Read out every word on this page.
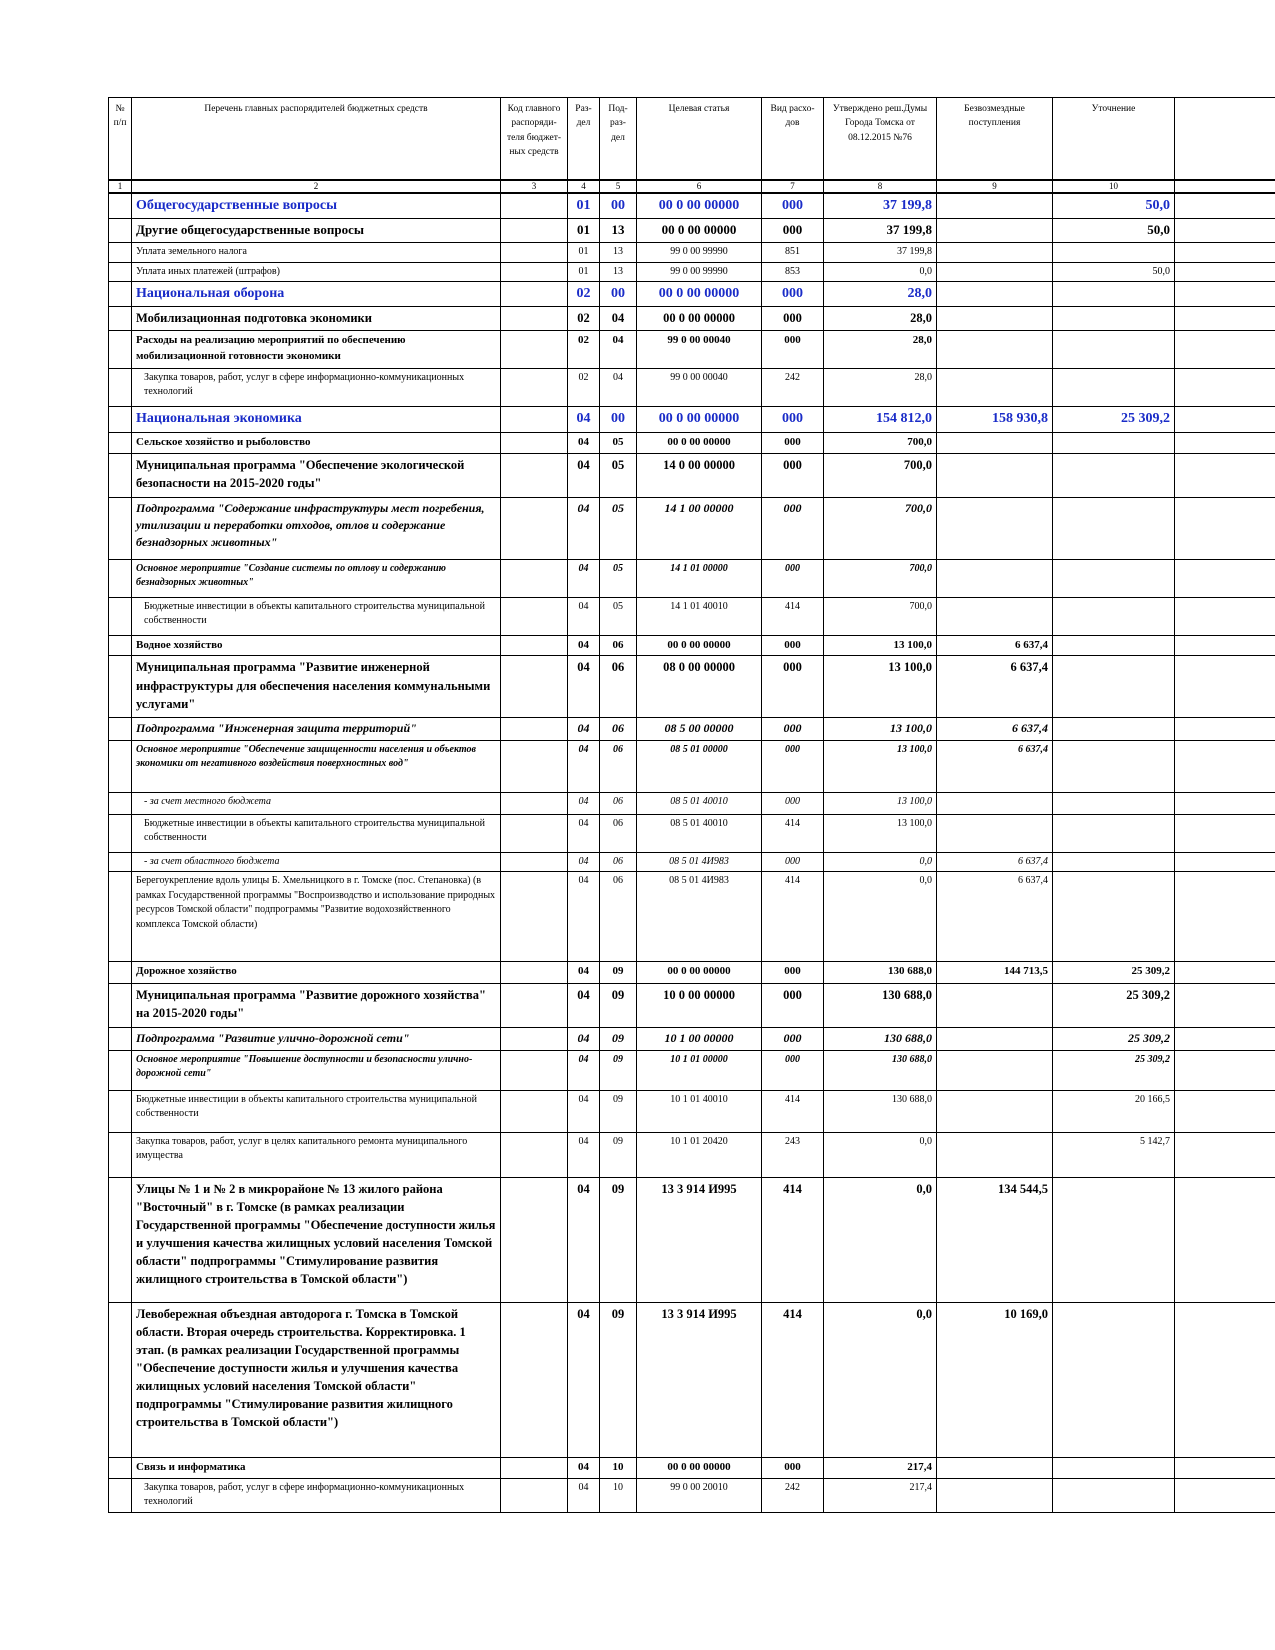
№ п/п	Перечень главных распорядителей бюджетных средств	Код главного распоряди-теля бюджет-ных средств	Раз-дел	Под-раз-дел	Целевая статья	Вид расхо-дов	Утверждено реш.Думы Города Томска от 08.12.2015 №76	Безвозмездные поступления	Уточнение	
1	2	3	4	5	6	7	8	9	10	
	Общегосударственные вопросы		01	00	00 0 00 00000	000	37 199,8		50,0	
	Другие общегосударственные вопросы		01	13	00 0 00 00000	000	37 199,8		50,0	
	Уплата земельного налога		01	13	99 0 00 99990	851	37 199,8			
	Уплата иных платежей (штрафов)		01	13	99 0 00 99990	853	0,0		50,0	
	Национальная оборона		02	00	00 0 00 00000	000	28,0			
	Мобилизационная подготовка экономики		02	04	00 0 00 00000	000	28,0			
	Расходы на реализацию мероприятий по обеспечению мобилизационной готовности экономики		02	04	99 0 00 00040	000	28,0			
	Закупка товаров, работ, услуг в сфере информационно-коммуникационных технологий		02	04	99 0 00 00040	242	28,0			
	Национальная экономика		04	00	00 0 00 00000	000	154 812,0	158 930,8	25 309,2	
	Сельское хозяйство и рыболовство		04	05	00 0 00 00000	000	700,0			
	Муниципальная программа "Обеспечение экологической безопасности на 2015-2020 годы"		04	05	14 0 00 00000	000	700,0			
	Подпрограмма "Содержание инфраструктуры мест погребения, утилизации и переработки отходов, отлов и содержание безнадзорных животных"		04	05	14 1 00 00000	000	700,0			
	Основное мероприятие "Создание системы по отлову и содержанию безнадзорных животных"		04	05	14 1 01 00000	000	700,0			
	Бюджетные инвестиции в объекты капитального строительства муниципальной собственности		04	05	14 1 01 40010	414	700,0			
	Водное хозяйство		04	06	00 0 00 00000	000	13 100,0	6 637,4		
	Муниципальная программа "Развитие инженерной инфраструктуры для обеспечения населения коммунальными услугами"		04	06	08 0 00 00000	000	13 100,0	6 637,4		
	Подпрограмма "Инженерная защита территорий"		04	06	08 5 00 00000	000	13 100,0	6 637,4		
	Основное мероприятие "Обеспечение защищенности населения и объектов экономики от негативного воздействия поверхностных вод"		04	06	08 5 01 00000	000	13 100,0	6 637,4		
	- за счет местного бюджета		04	06	08 5 01 40010	000	13 100,0			
	Бюджетные инвестиции в объекты капитального строительства муниципальной собственности		04	06	08 5 01 40010	414	13 100,0			
	- за счет областного бюджета		04	06	08 5 01 4И983	000	0,0	6 637,4		
	Берегоукрепление вдоль улицы Б. Хмельницкого в г. Томске (пос. Степановка) (в рамках Государственной программы "Воспроизводство и использование природных ресурсов Томской области" подпрограммы "Развитие водохозяйственного комплекса Томской области)		04	06	08 5 01 4И983	414	0,0	6 637,4		
	Дорожное хозяйство		04	09	00 0 00 00000	000	130 688,0	144 713,5	25 309,2	
	Муниципальная программа "Развитие дорожного хозяйства" на 2015-2020 годы"		04	09	10 0 00 00000	000	130 688,0		25 309,2	
	Подпрограмма "Развитие улично-дорожной сети"		04	09	10 1 00 00000	000	130 688,0		25 309,2	
	Основное мероприятие "Повышение доступности и безопасности улично-дорожной сети"		04	09	10 1 01 00000	000	130 688,0		25 309,2	
	Бюджетные инвестиции в объекты капитального строительства муниципальной собственности		04	09	10 1 01 40010	414	130 688,0		20 166,5	
	Закупка товаров, работ, услуг в целях капитального ремонта муниципального имущества		04	09	10 1 01 20420	243	0,0		5 142,7	
	Улицы № 1 и № 2 в микрорайоне № 13 жилого района "Восточный" в г. Томске (в рамках реализации Государственной программы "Обеспечение доступности жилья и улучшения качества жилищных условий населения Томской области" подпрограммы "Стимулирование развития жилищного строительства в Томской области")		04	09	13 3 914 И995	414	0,0	134 544,5		
	Левобережная объездная автодорога г. Томска в Томской области. Вторая очередь строительства. Корректировка. 1 этап. (в рамках реализации Государственной программы "Обеспечение доступности жилья и улучшения качества жилищных условий населения Томской области" подпрограммы "Стимулирование развития жилищного строительства в Томской области")		04	09	13 3 914 И995	414	0,0	10 169,0		
	Связь и информатика		04	10	00 0 00 00000	000	217,4			
	Закупка товаров, работ, услуг в сфере информационно-коммуникационных технологий		04	10	99 0 00 20010	242	217,4			
